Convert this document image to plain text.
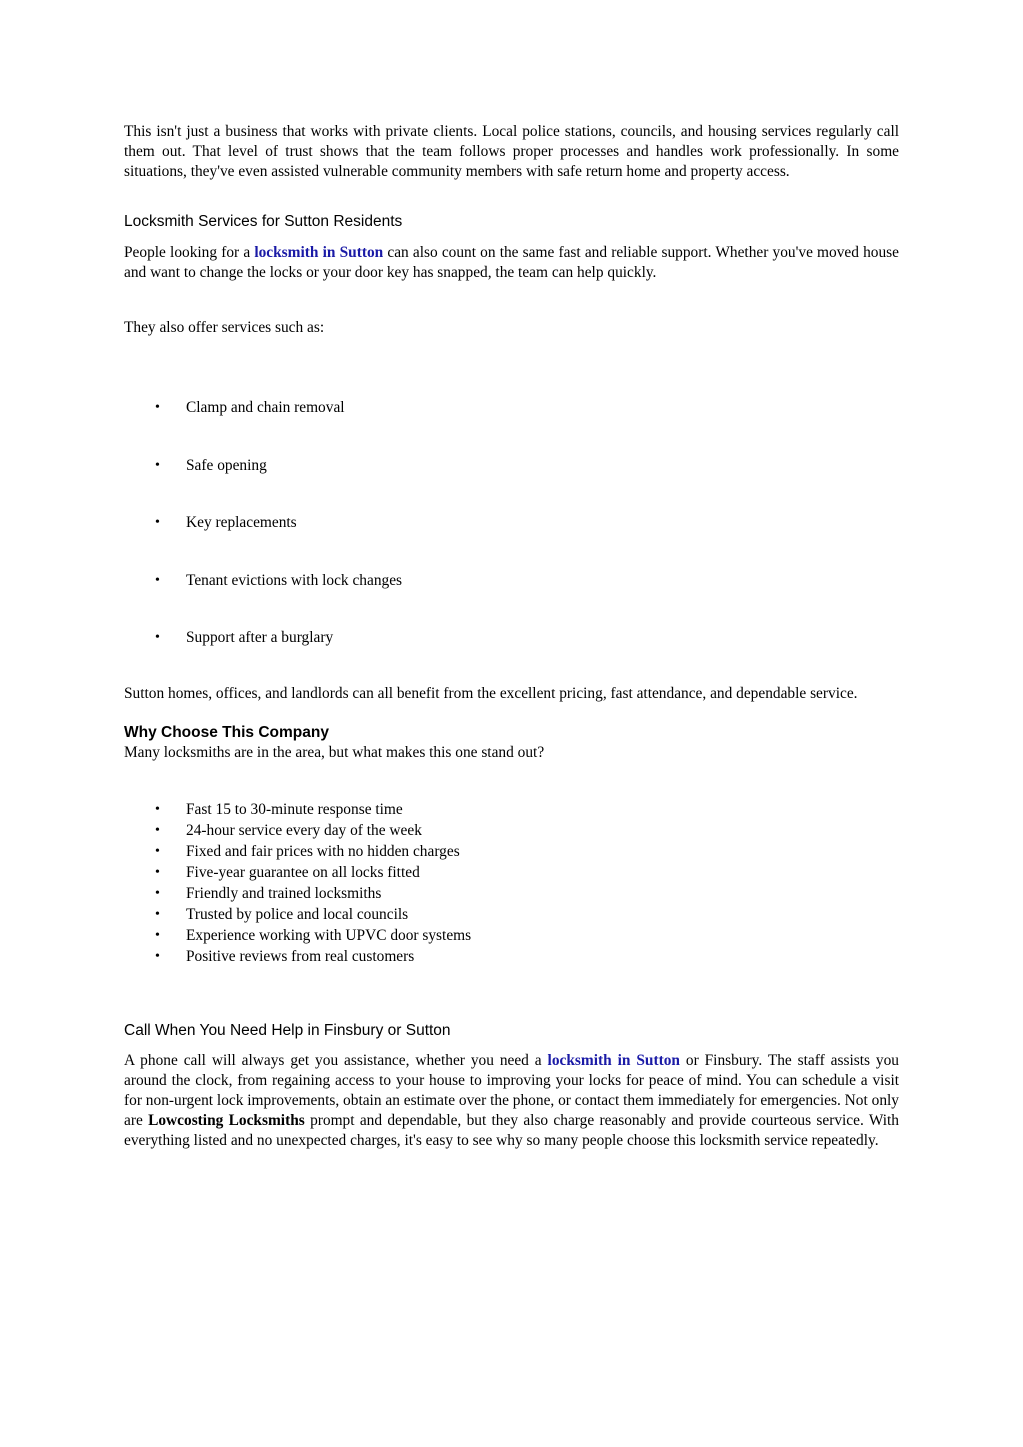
This isn't just a business that works with private clients. Local police stations, councils, and housing services regularly call them out. That level of trust shows that the team follows proper processes and handles work professionally. In some situations, they've even assisted vulnerable community members with safe return home and property access.

Locksmith Services for Sutton Residents

People looking for a locksmith in Sutton can also count on the same fast and reliable support. Whether you've moved house and want to change the locks or your door key has snapped, the team can help quickly.

They also offer services such as:

• Clamp and chain removal
• Safe opening
• Key replacements
• Tenant evictions with lock changes
• Support after a burglary

Sutton homes, offices, and landlords can all benefit from the excellent pricing, fast attendance, and dependable service.

Why Choose This Company

Many locksmiths are in the area, but what makes this one stand out?

• Fast 15 to 30-minute response time
• 24-hour service every day of the week
• Fixed and fair prices with no hidden charges
• Five-year guarantee on all locks fitted
• Friendly and trained locksmiths
• Trusted by police and local councils
• Experience working with UPVC door systems
• Positive reviews from real customers
Call When You Need Help in Finsbury or Sutton

A phone call will always get you assistance, whether you need a locksmith in Sutton or Finsbury. The staff assists you around the clock, from regaining access to your house to improving your locks for peace of mind. You can schedule a visit for non-urgent lock improvements, obtain an estimate over the phone, or contact them immediately for emergencies. Not only are Lowcosting Locksmiths prompt and dependable, but they also charge reasonably and provide courteous service. With everything listed and no unexpected charges, it's easy to see why so many people choose this locksmith service repeatedly.
